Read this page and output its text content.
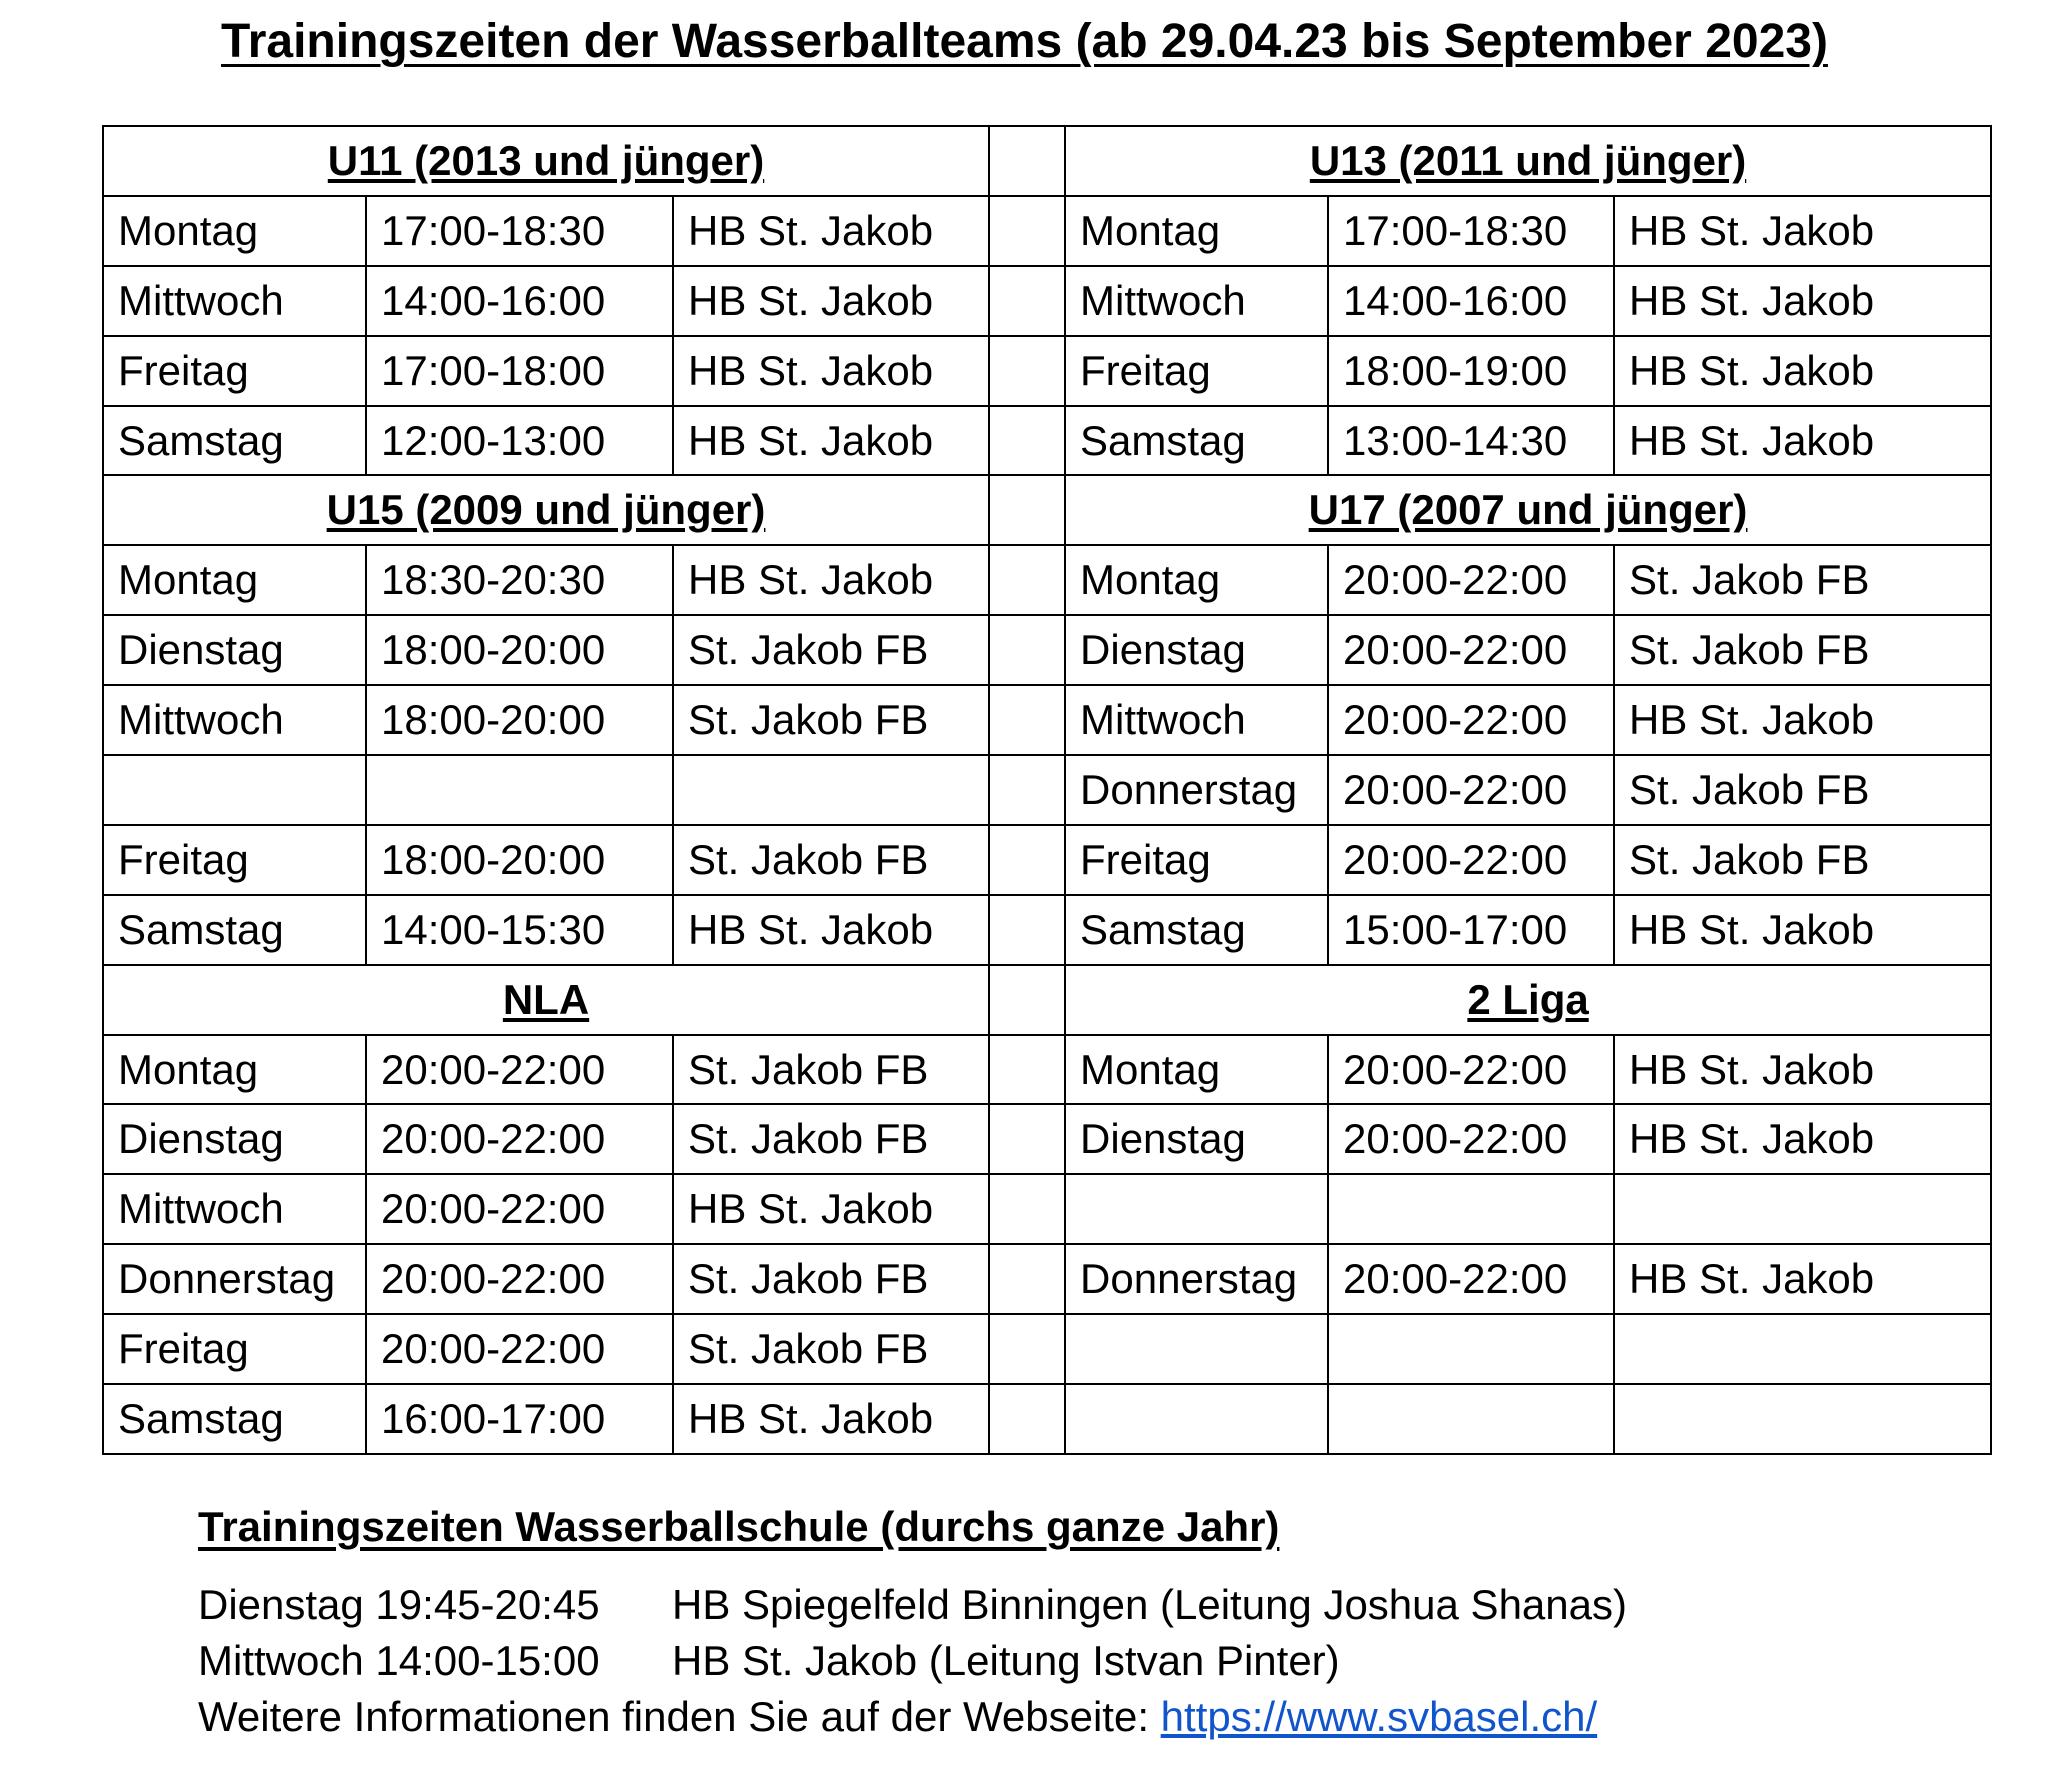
Trainingszeiten der Wasserballteams (ab 29.04.23 bis September 2023)
U11 (2013 und jünger)				U13 (2011 und jünger)		
Montag	17:00-18:30	HB St. Jakob		Montag	17:00-18:30	HB St. Jakob
Mittwoch	14:00-16:00	HB St. Jakob		Mittwoch	14:00-16:00	HB St. Jakob
Freitag	17:00-18:00	HB St. Jakob		Freitag	18:00-19:00	HB St. Jakob
Samstag	12:00-13:00	HB St. Jakob		Samstag	13:00-14:30	HB St. Jakob
U15 (2009 und jünger)				U17 (2007 und jünger)		
Montag	18:30-20:30	HB St. Jakob		Montag	20:00-22:00	St. Jakob FB
Dienstag	18:00-20:00	St. Jakob FB		Dienstag	20:00-22:00	St. Jakob FB
Mittwoch	18:00-20:00	St. Jakob FB		Mittwoch	20:00-22:00	HB St. Jakob
				Donnerstag	20:00-22:00	St. Jakob FB
Freitag	18:00-20:00	St. Jakob FB		Freitag	20:00-22:00	St. Jakob FB
Samstag	14:00-15:30	HB St. Jakob		Samstag	15:00-17:00	HB St. Jakob
NLA				2 Liga		
Montag	20:00-22:00	St. Jakob FB		Montag	20:00-22:00	HB St. Jakob
Dienstag	20:00-22:00	St. Jakob FB		Dienstag	20:00-22:00	HB St. Jakob
Mittwoch	20:00-22:00	HB St. Jakob				
Donnerstag	20:00-22:00	St. Jakob FB		Donnerstag	20:00-22:00	HB St. Jakob
Freitag	20:00-22:00	St. Jakob FB				
Samstag	16:00-17:00	HB St. Jakob				
Trainingszeiten Wasserballschule (durchs ganze Jahr)
Dienstag 19:45-20:45 HB Spiegelfeld Binningen (Leitung Joshua Shanas)
Mittwoch 14:00-15:00 HB St. Jakob (Leitung Istvan Pinter)
Weitere Informationen finden Sie auf der Webseite: https://www.svbasel.ch/
